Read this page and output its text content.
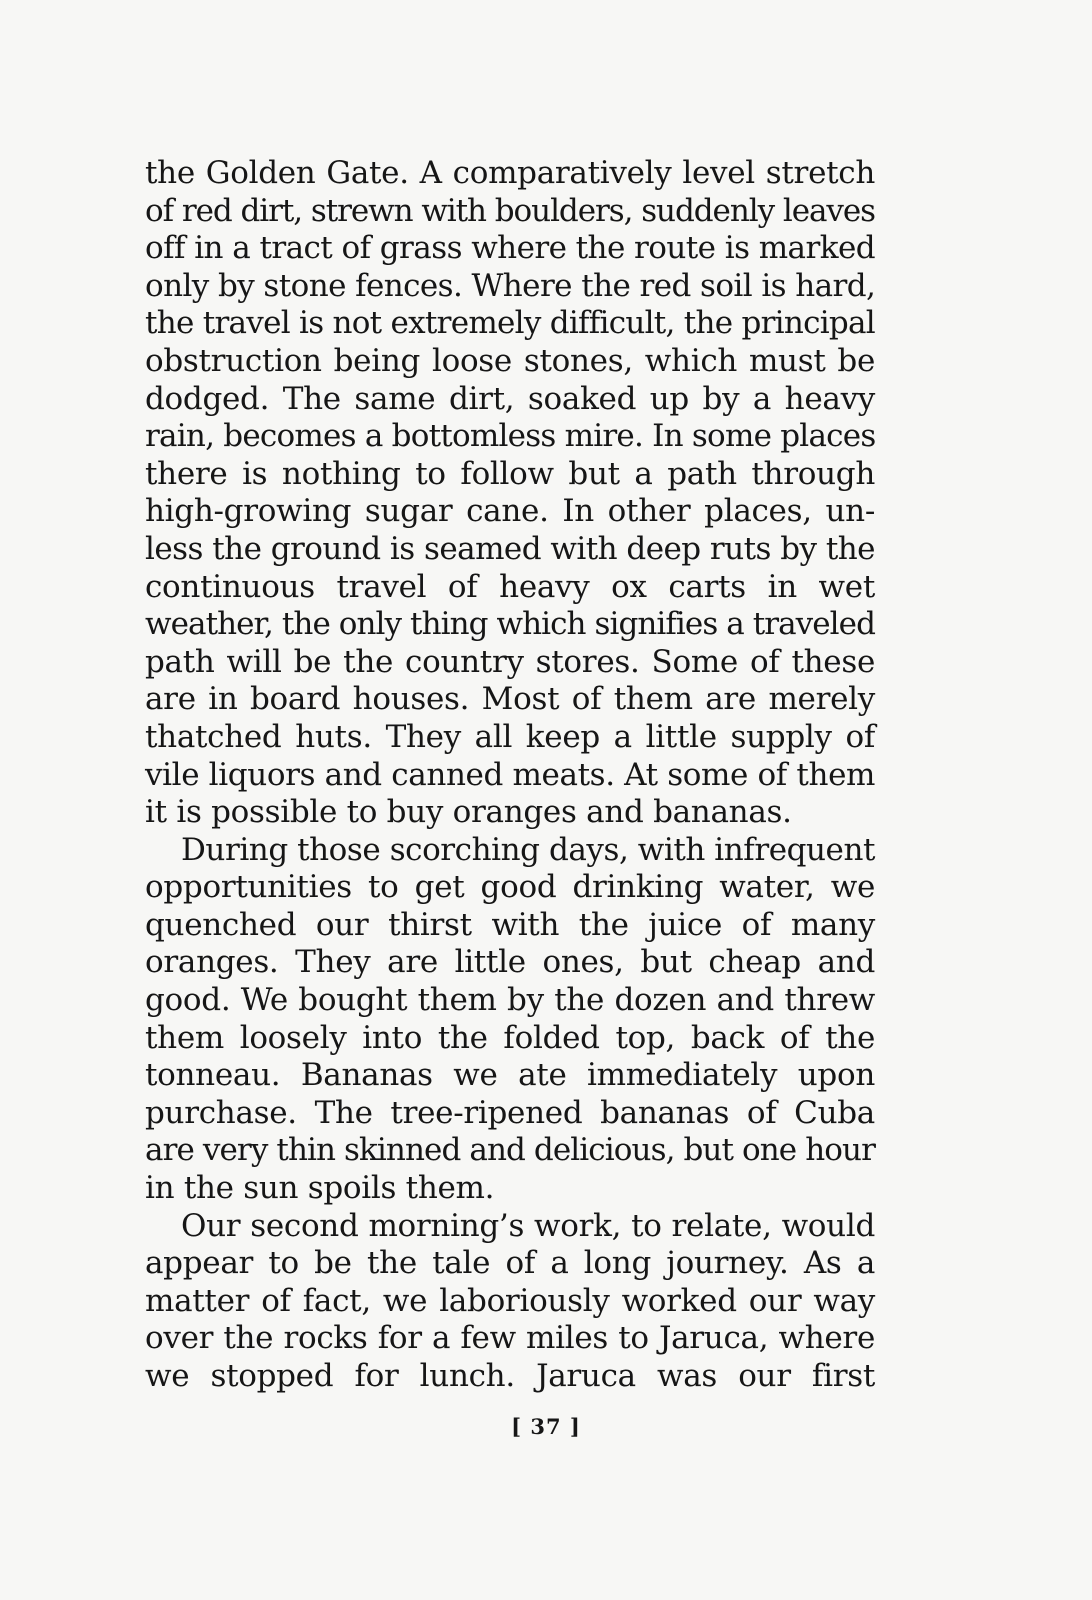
the Golden Gate. A comparatively level stretch
of red dirt, strewn with boulders, suddenly leaves
off in a tract of grass where the route is marked
only by stone fences. Where the red soil is hard,
the travel is not extremely difficult, the principal
obstruction being loose stones, which must be
dodged. The same dirt, soaked up by a heavy
rain, becomes a bottomless mire. In some places
there is nothing to follow but a path through
high-growing sugar cane. In other places, un-
less the ground is seamed with deep ruts by the
continuous travel of heavy ox carts in wet
weather, the only thing which signifies a traveled
path will be the country stores. Some of these
are in board houses. Most of them are merely
thatched huts. They all keep a little supply of
vile liquors and canned meats. At some of them
it is possible to buy oranges and bananas.
During those scorching days, with infrequent
opportunities to get good drinking water, we
quenched our thirst with the juice of many
oranges. They are little ones, but cheap and
good. We bought them by the dozen and threw
them loosely into the folded top, back of the
tonneau. Bananas we ate immediately upon
purchase. The tree-ripened bananas of Cuba
are very thin skinned and delicious, but one hour
in the sun spoils them.
Our second morning’s work, to relate, would
appear to be the tale of a long journey. As a
matter of fact, we laboriously worked our way
over the rocks for a few miles to Jaruca, where
we stopped for lunch. Jaruca was our first
[ 37 ]
